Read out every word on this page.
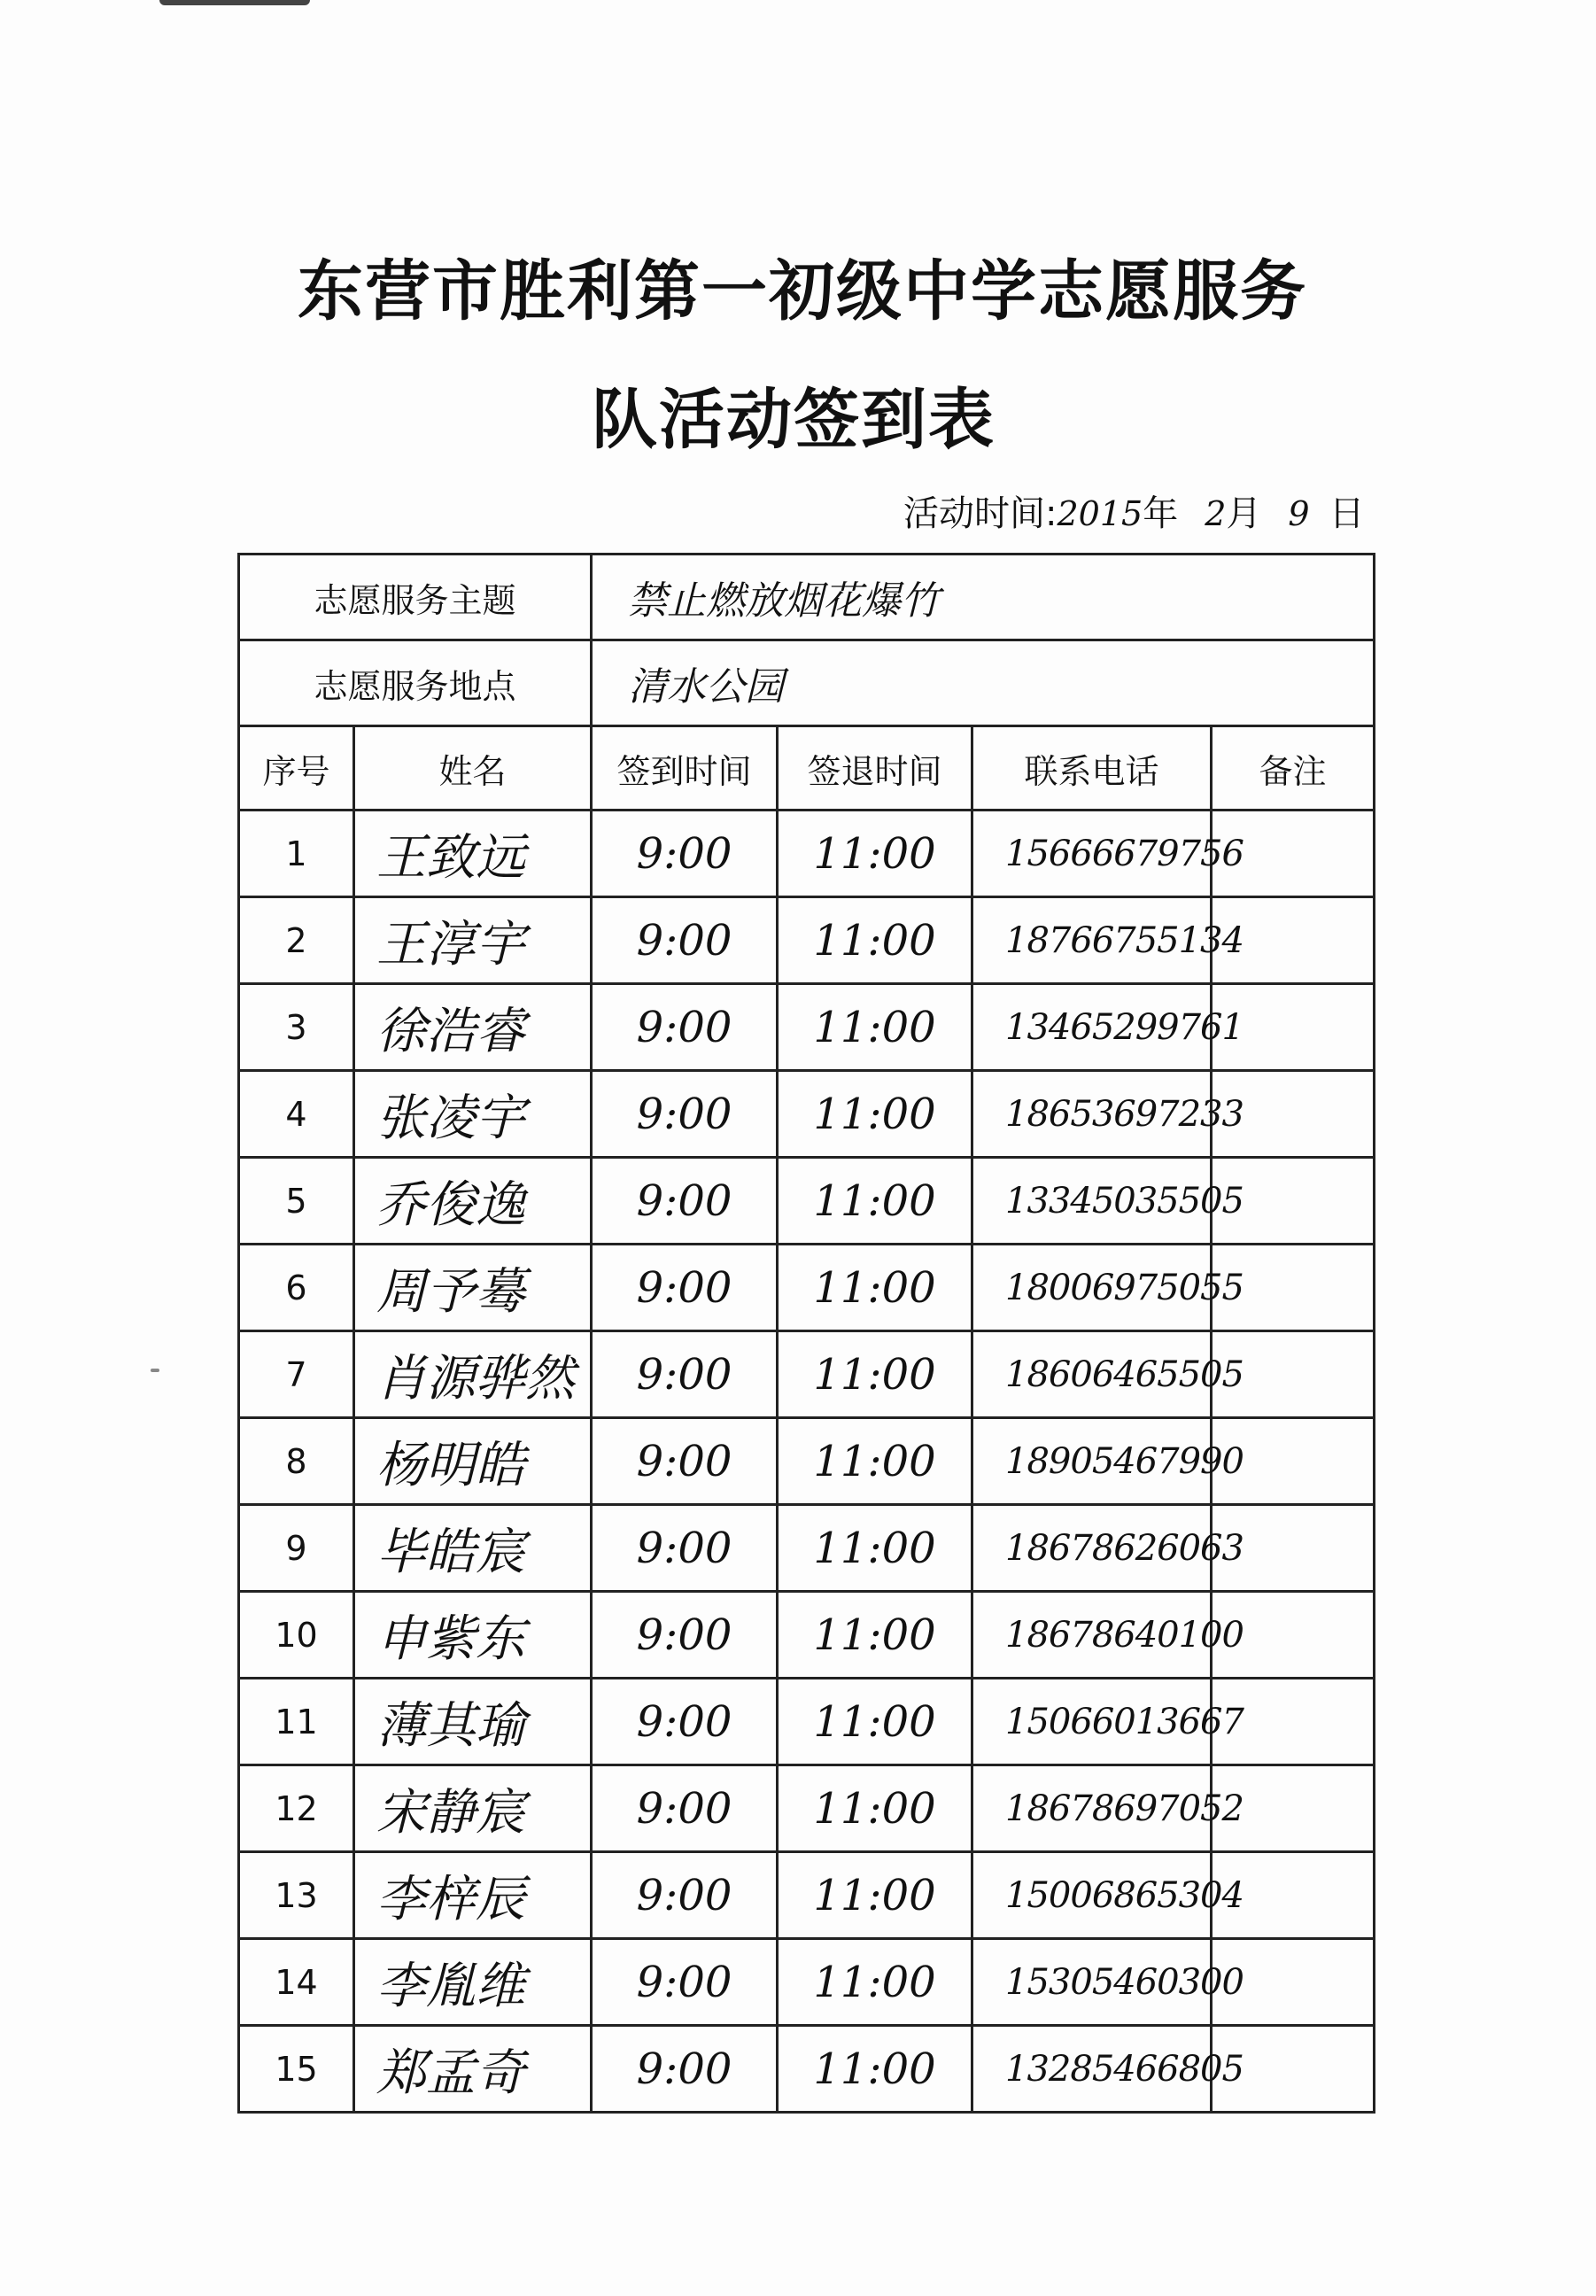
东营市胜利第一初级中学志愿服务
队活动签到表
活动时间:2015年 2月 9 日
志愿服务主题		禁止燃放烟花爆竹			
志愿服务地点		清水公园			
序号	姓名	签到时间	签退时间	联系电话	备注
1	王致远	9:00	11:00	15666679756	
2	王淳宇	9:00	11:00	18766755134	
3	徐浩睿	9:00	11:00	13465299761	
4	张凌宇	9:00	11:00	18653697233	
5	乔俊逸	9:00	11:00	13345035505	
6	周予蓦	9:00	11:00	18006975055	
7	肖源骅然	9:00	11:00	18606465505	
8	杨明皓	9:00	11:00	18905467990	
9	毕皓宸	9:00	11:00	18678626063	
10	申紫东	9:00	11:00	18678640100	
11	薄其瑜	9:00	11:00	15066013667	
12	宋静宸	9:00	11:00	18678697052	
13	李梓辰	9:00	11:00	15006865304	
14	李胤维	9:00	11:00	15305460300	
15	郑孟奇	9:00	11:00	13285466805	
